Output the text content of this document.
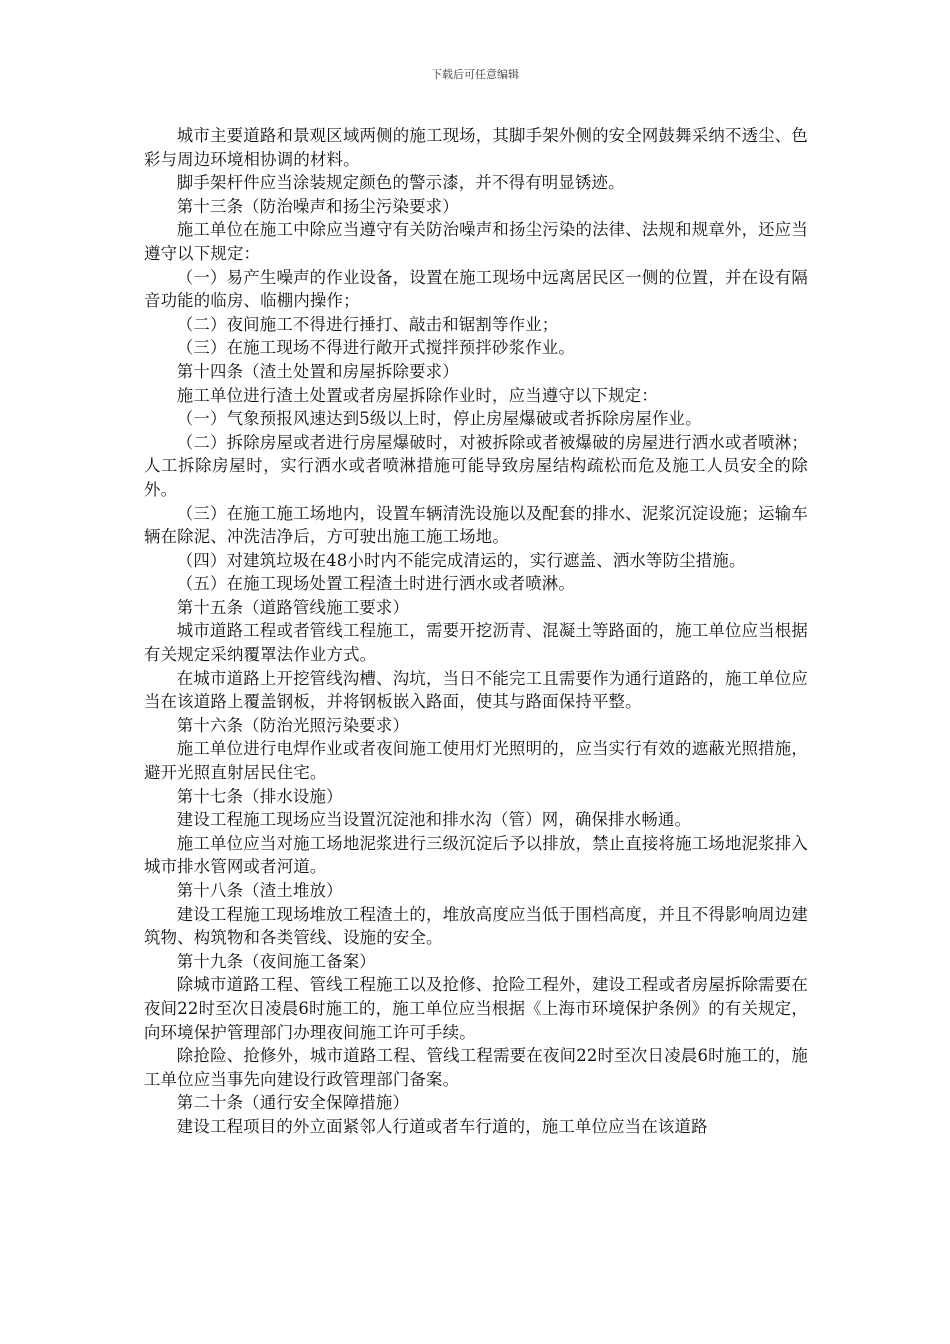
下载后可任意编辑

城市主要道路和景观区域两侧的施工现场，其脚手架外侧的安全网鼓舞采纳不透尘、色彩与周边环境相协调的材料。

脚手架杆件应当涂装规定颜色的警示漆，并不得有明显锈迹。

第十三条（防治噪声和扬尘污染要求）

施工单位在施工中除应当遵守有关防治噪声和扬尘污染的法律、法规和规章外，还应当遵守以下规定：

（一）易产生噪声的作业设备，设置在施工现场中远离居民区一侧的位置，并在设有隔音功能的临房、临棚内操作；

（二）夜间施工不得进行捶打、敲击和锯割等作业；

（三）在施工现场不得进行敞开式搅拌预拌砂浆作业。

第十四条（渣土处置和房屋拆除要求）

施工单位进行渣土处置或者房屋拆除作业时，应当遵守以下规定：

（一）气象预报风速达到5级以上时，停止房屋爆破或者拆除房屋作业。

（二）拆除房屋或者进行房屋爆破时，对被拆除或者被爆破的房屋进行洒水或者喷淋；人工拆除房屋时，实行洒水或者喷淋措施可能导致房屋结构疏松而危及施工人员安全的除外。

（三）在施工施工场地内，设置车辆清洗设施以及配套的排水、泥浆沉淀设施；运输车辆在除泥、冲洗洁净后，方可驶出施工施工场地。

（四）对建筑垃圾在48小时内不能完成清运的，实行遮盖、洒水等防尘措施。

（五）在施工现场处置工程渣土时进行洒水或者喷淋。

第十五条（道路管线施工要求）

城市道路工程或者管线工程施工，需要开挖沥青、混凝土等路面的，施工单位应当根据有关规定采纳覆罩法作业方式。

在城市道路上开挖管线沟槽、沟坑，当日不能完工且需要作为通行道路的，施工单位应当在该道路上覆盖钢板，并将钢板嵌入路面，使其与路面保持平整。

第十六条（防治光照污染要求）

施工单位进行电焊作业或者夜间施工使用灯光照明的，应当实行有效的遮蔽光照措施，避开光照直射居民住宅。

第十七条（排水设施）

建设工程施工现场应当设置沉淀池和排水沟（管）网，确保排水畅通。

施工单位应当对施工场地泥浆进行三级沉淀后予以排放，禁止直接将施工场地泥浆排入城市排水管网或者河道。

第十八条（渣土堆放）

建设工程施工现场堆放工程渣土的，堆放高度应当低于围档高度，并且不得影响周边建筑物、构筑物和各类管线、设施的安全。

第十九条（夜间施工备案）

除城市道路工程、管线工程施工以及抢修、抢险工程外，建设工程或者房屋拆除需要在夜间22时至次日凌晨6时施工的，施工单位应当根据《上海市环境保护条例》的有关规定，向环境保护管理部门办理夜间施工许可手续。

除抢险、抢修外，城市道路工程、管线工程需要在夜间22时至次日凌晨6时施工的，施工单位应当事先向建设行政管理部门备案。

第二十条（通行安全保障措施）

建设工程项目的外立面紧邻人行道或者车行道的，施工单位应当在该道路
